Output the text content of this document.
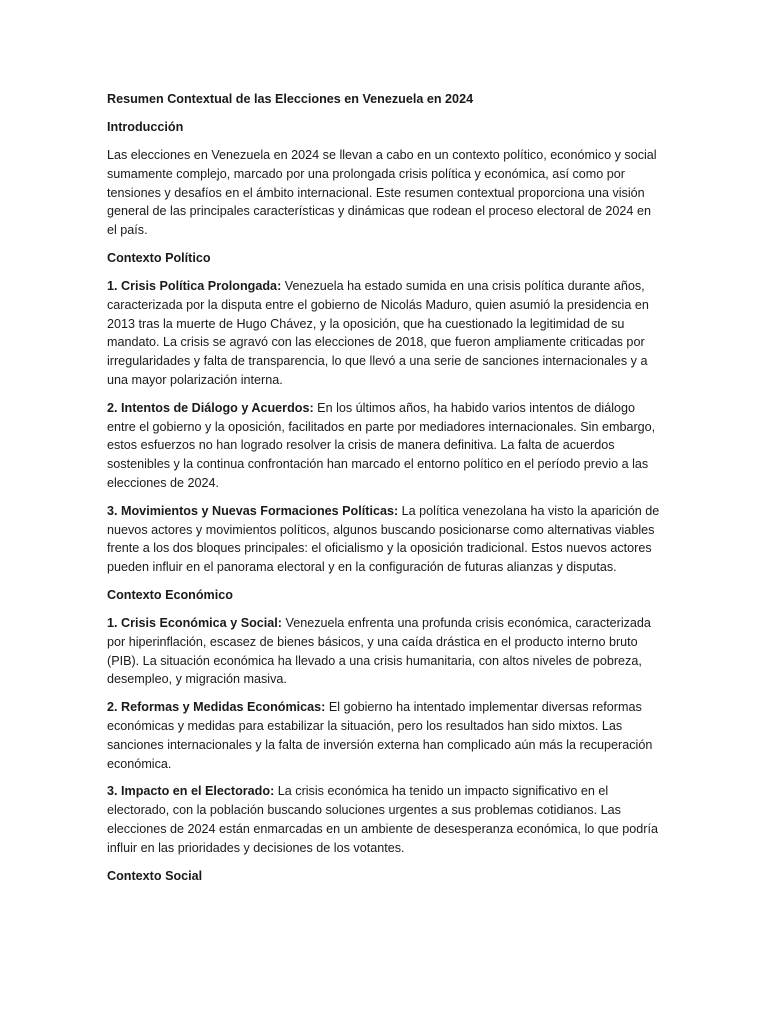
Resumen Contextual de las Elecciones en Venezuela en 2024
Introducción

Las elecciones en Venezuela en 2024 se llevan a cabo en un contexto político, económico y social sumamente complejo, marcado por una prolongada crisis política y económica, así como por tensiones y desafíos en el ámbito internacional. Este resumen contextual proporciona una visión general de las principales características y dinámicas que rodean el proceso electoral de 2024 en el país.

Contexto Político

1. Crisis Política Prolongada: Venezuela ha estado sumida en una crisis política durante años, caracterizada por la disputa entre el gobierno de Nicolás Maduro, quien asumió la presidencia en 2013 tras la muerte de Hugo Chávez, y la oposición, que ha cuestionado la legitimidad de su mandato. La crisis se agravó con las elecciones de 2018, que fueron ampliamente criticadas por irregularidades y falta de transparencia, lo que llevó a una serie de sanciones internacionales y a una mayor polarización interna.

2. Intentos de Diálogo y Acuerdos: En los últimos años, ha habido varios intentos de diálogo entre el gobierno y la oposición, facilitados en parte por mediadores internacionales. Sin embargo, estos esfuerzos no han logrado resolver la crisis de manera definitiva. La falta de acuerdos sostenibles y la continua confrontación han marcado el entorno político en el período previo a las elecciones de 2024.

3. Movimientos y Nuevas Formaciones Políticas: La política venezolana ha visto la aparición de nuevos actores y movimientos políticos, algunos buscando posicionarse como alternativas viables frente a los dos bloques principales: el oficialismo y la oposición tradicional. Estos nuevos actores pueden influir en el panorama electoral y en la configuración de futuras alianzas y disputas.

Contexto Económico

1. Crisis Económica y Social: Venezuela enfrenta una profunda crisis económica, caracterizada por hiperinflación, escasez de bienes básicos, y una caída drástica en el producto interno bruto (PIB). La situación económica ha llevado a una crisis humanitaria, con altos niveles de pobreza, desempleo, y migración masiva.

2. Reformas y Medidas Económicas: El gobierno ha intentado implementar diversas reformas económicas y medidas para estabilizar la situación, pero los resultados han sido mixtos. Las sanciones internacionales y la falta de inversión externa han complicado aún más la recuperación económica.

3. Impacto en el Electorado: La crisis económica ha tenido un impacto significativo en el electorado, con la población buscando soluciones urgentes a sus problemas cotidianos. Las elecciones de 2024 están enmarcadas en un ambiente de desesperanza económica, lo que podría influir en las prioridades y decisiones de los votantes.

Contexto Social
